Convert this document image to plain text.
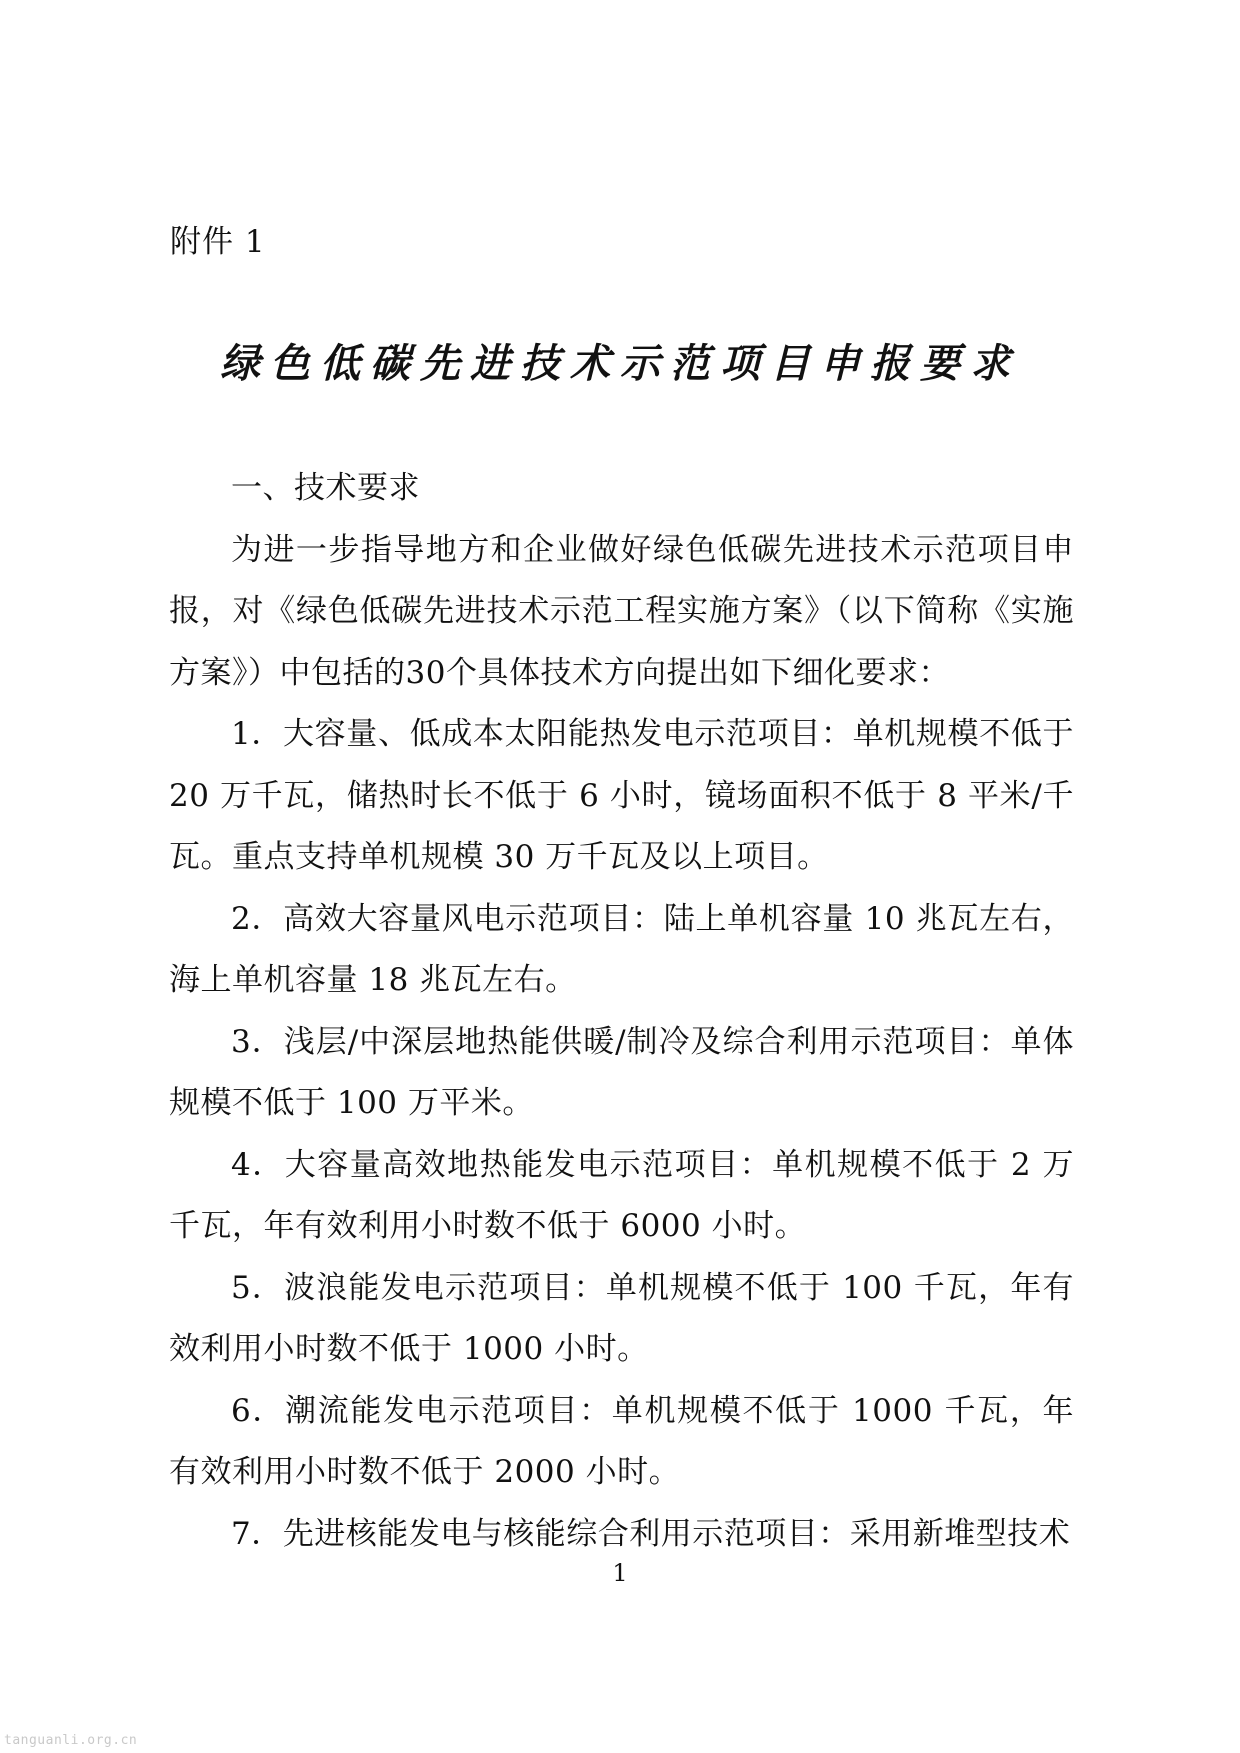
附件 1
绿色低碳先进技术示范项目申报要求

一、技术要求

为进一步指导地方和企业做好绿色低碳先进技术示范项目申报，对《绿色低碳先进技术示范工程实施方案》（以下简称《实施方案》）中包括的30个具体技术方向提出如下细化要求：

1．大容量、低成本太阳能热发电示范项目：单机规模不低于 20 万千瓦，储热时长不低于 6 小时，镜场面积不低于 8 平米/千瓦。重点支持单机规模 30 万千瓦及以上项目。

2．高效大容量风电示范项目：陆上单机容量 10 兆瓦左右，海上单机容量 18 兆瓦左右。

3．浅层/中深层地热能供暖/制冷及综合利用示范项目：单体规模不低于 100 万平米。

4．大容量高效地热能发电示范项目：单机规模不低于 2 万千瓦，年有效利用小时数不低于 6000 小时。

5．波浪能发电示范项目：单机规模不低于 100 千瓦，年有效利用小时数不低于 1000 小时。

6．潮流能发电示范项目：单机规模不低于 1000 千瓦，年有效利用小时数不低于 2000 小时。

7．先进核能发电与核能综合利用示范项目：采用新堆型技术

1
tanguanli.org.cn
